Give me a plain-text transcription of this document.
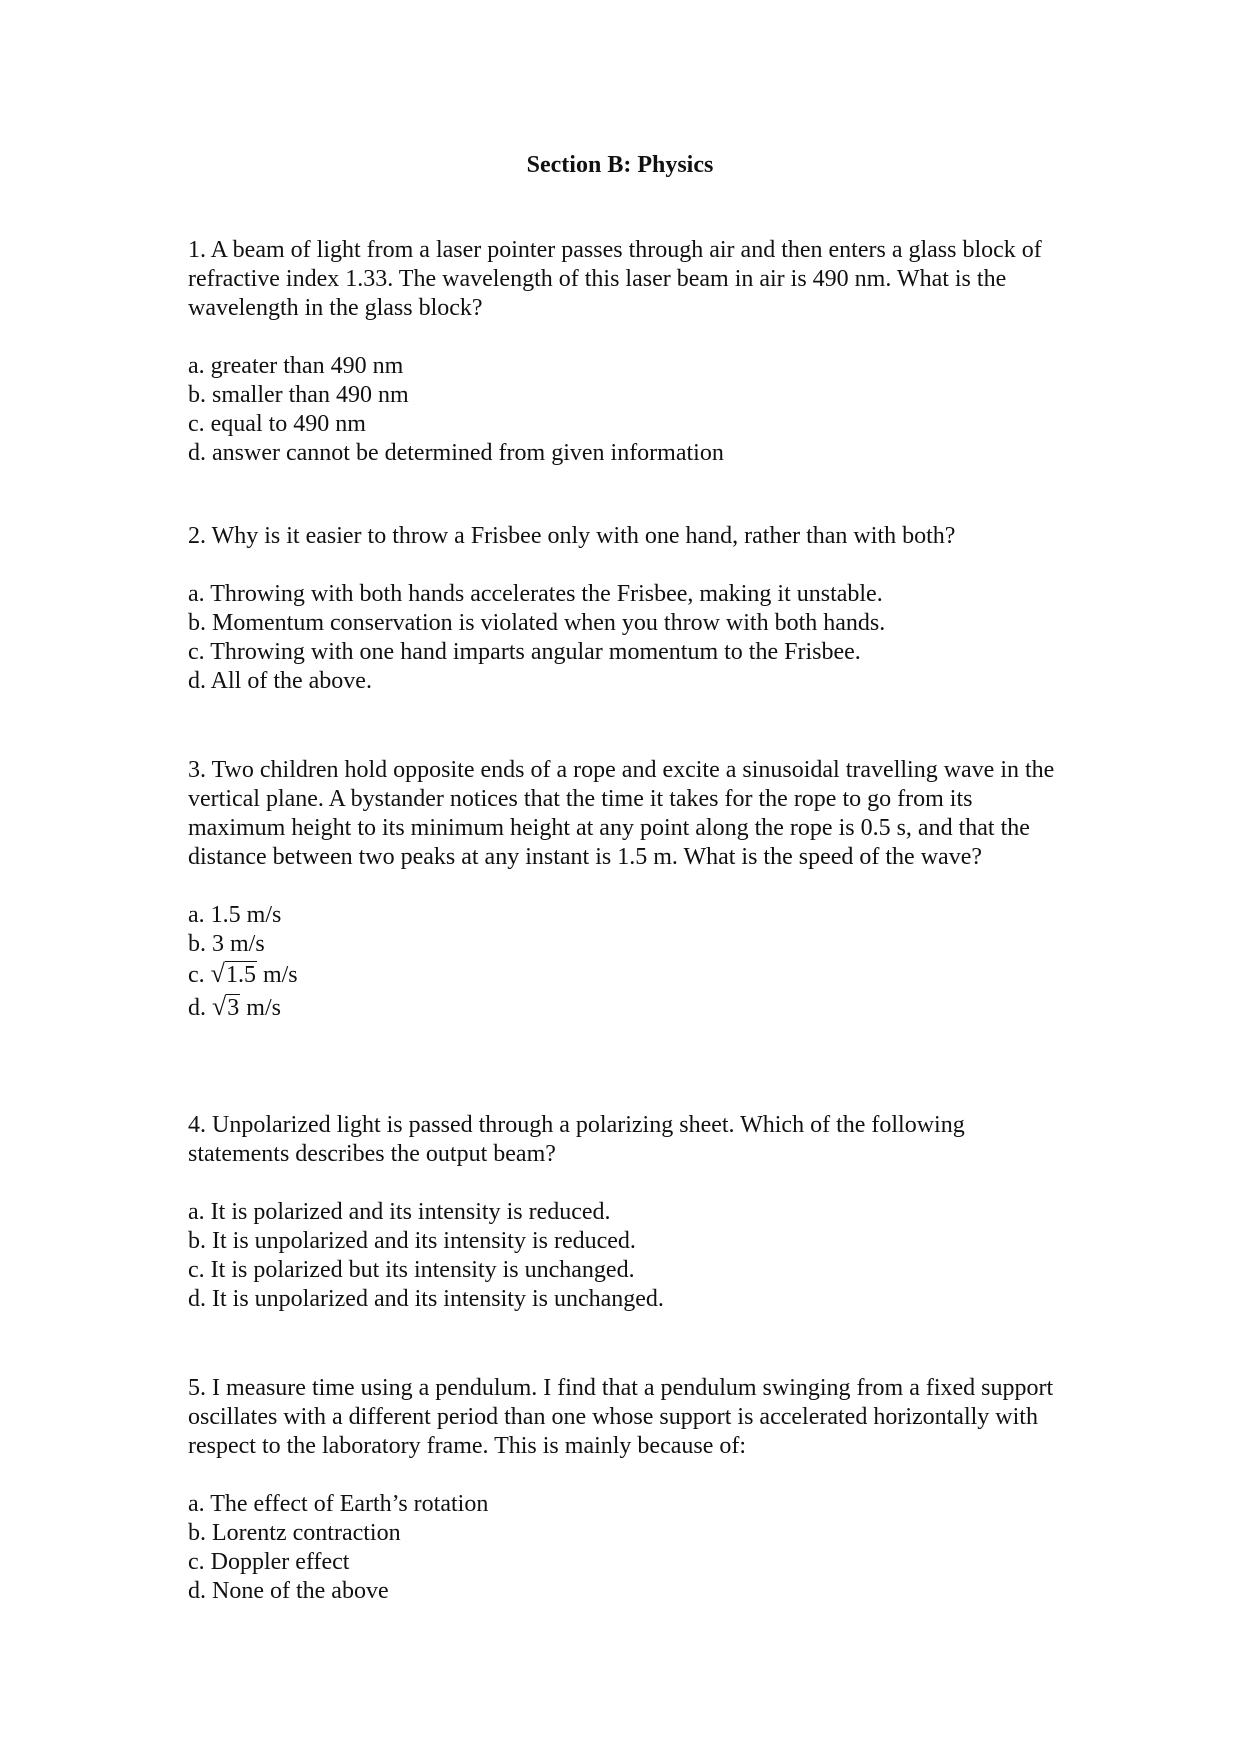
Section B: Physics

1. A beam of light from a laser pointer passes through air and then enters a glass block of refractive index 1.33. The wavelength of this laser beam in air is 490 nm. What is the wavelength in the glass block?

a. greater than 490 nm
b. smaller than 490 nm
c. equal to 490 nm
d. answer cannot be determined from given information

2. Why is it easier to throw a Frisbee only with one hand, rather than with both?

a. Throwing with both hands accelerates the Frisbee, making it unstable.
b. Momentum conservation is violated when you throw with both hands.
c. Throwing with one hand imparts angular momentum to the Frisbee.
d. All of the above.

3. Two children hold opposite ends of a rope and excite a sinusoidal travelling wave in the vertical plane. A bystander notices that the time it takes for the rope to go from its maximum height to its minimum height at any point along the rope is 0.5 s, and that the distance between two peaks at any instant is 1.5 m. What is the speed of the wave?

a. 1.5 m/s
b. 3 m/s
c. √1.5 m/s
d. √3 m/s

4. Unpolarized light is passed through a polarizing sheet. Which of the following statements describes the output beam?

a. It is polarized and its intensity is reduced.
b. It is unpolarized and its intensity is reduced.
c. It is polarized but its intensity is unchanged.
d. It is unpolarized and its intensity is unchanged.

5. I measure time using a pendulum. I find that a pendulum swinging from a fixed support oscillates with a different period than one whose support is accelerated horizontally with respect to the laboratory frame. This is mainly because of:

a. The effect of Earth’s rotation
b. Lorentz contraction
c. Doppler effect
d. None of the above
